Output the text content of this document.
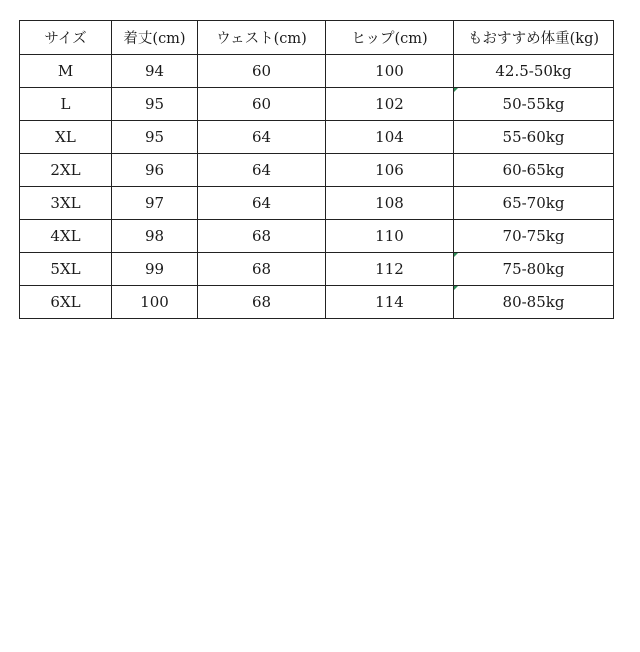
サイズ	着丈(cm)	ウェスト(cm)	ヒップ(cm)	もおすすめ体重(kg)
M	94	60	100	42.5-50kg
L	95	60	102	50-55kg
XL	95	64	104	55-60kg
2XL	96	64	106	60-65kg
3XL	97	64	108	65-70kg
4XL	98	68	110	70-75kg
5XL	99	68	112	75-80kg
6XL	100	68	114	80-85kg
